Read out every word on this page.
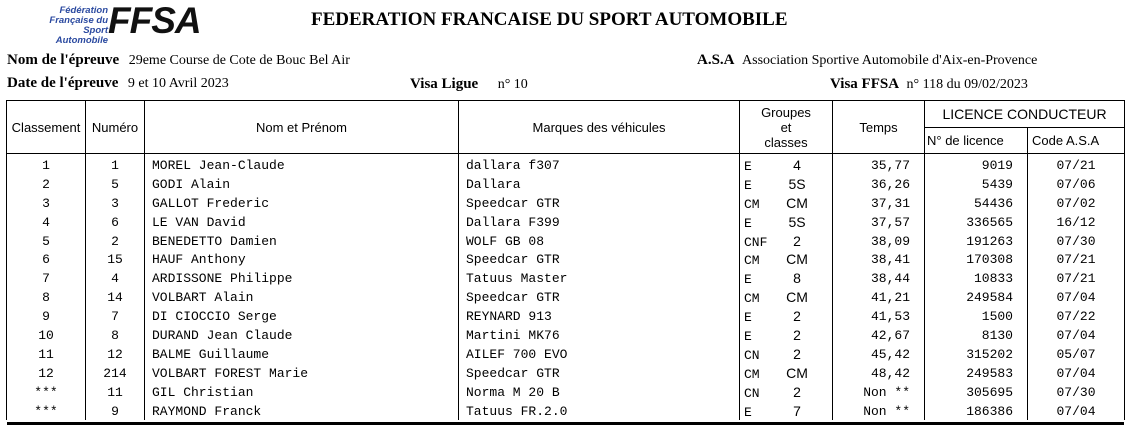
Fédération
Française du
Sport Automobile FFSA	FEDERATION FRANCAISE DU SPORT AUTOMOBILE
Nom de l'épreuve 29eme Course de Cote de Bouc Bel Air	A.S.A Association Sportive Automobile d'Aix-en-Provence
Date de l'épreuve 9 et 10 Avril 2023	Visa Ligue n° 10	Visa FFSA n° 118 du 09/02/2023
Classement	Numéro	Nom et Prénom	Marques des véhicules	Groupes
et
classes	Temps	LICENCE CONDUCTEUR	
						N° de licence	Code A.S.A
1	1	MOREL Jean-Claude	dallara f307	E 4	35,77	9019	07/21
2	5	GODI Alain	Dallara	E 5S	36,26	5439	07/06
3	3	GALLOT Frederic	Speedcar GTR	CM CM	37,31	54436	07/02
4	6	LE VAN David	Dallara F399	E 5S	37,57	336565	16/12
5	2	BENEDETTO Damien	WOLF GB 08	CNF 2	38,09	191263	07/30
6	15	HAUF Anthony	Speedcar GTR	CM CM	38,41	170308	07/21
7	4	ARDISSONE Philippe	Tatuus Master	E 8	38,44	10833	07/21
8	14	VOLBART Alain	Speedcar GTR	CM CM	41,21	249584	07/04
9	7	DI CIOCCIO Serge	REYNARD 913	E 2	41,53	1500	07/22
10	8	DURAND Jean Claude	Martini MK76	E 2	42,67	8130	07/04
11	12	BALME Guillaume	AILEF 700 EVO	CN 2	45,42	315202	05/07
12	214	VOLBART FOREST Marie	Speedcar GTR	CM CM	48,42	249583	07/04
***	11	GIL Christian	Norma M 20 B	CN 2	Non **	305695	07/30
***	9	RAYMOND Franck	Tatuus FR.2.0	E 7	Non **	186386	07/04
